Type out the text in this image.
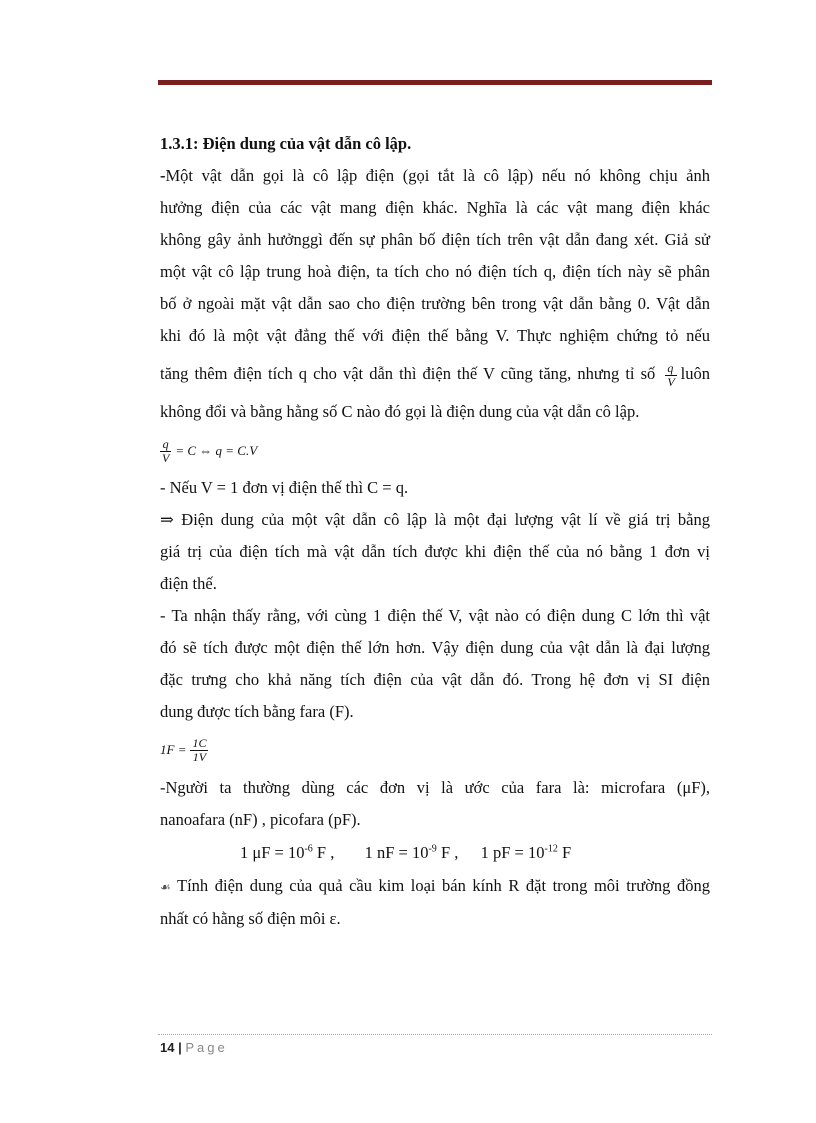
1.3.1: Điện dung của vật dẫn cô lập.

-Một vật dẫn gọi là cô lập điện (gọi tắt là cô lập) nếu nó không chịu ảnh
hưởng điện của các vật mang điện khác. Nghĩa là các vật mang điện khác
không gây ảnh hưởnggì đến sự phân bố điện tích trên vật dẫn đang xét. Giả sử
một vật cô lập trung hoà điện, ta tích cho nó điện tích q, điện tích này sẽ phân
bố ở ngoài mặt vật dẫn sao cho điện trường bên trong vật dẫn bằng 0. Vật dẫn
khi đó là một vật đẳng thế với điện thế bằng V. Thực nghiệm chứng tỏ nếu
tăng thêm điện tích q cho vật dẫn thì điện thế V cũng tăng, nhưng tỉ số $\frac{q}{V}$ luôn
không đổi và bằng hằng số C nào đó gọi là điện dung của vật dẫn cô lập.
$\frac{q}{V} = C$ ⇔ q = C.V

- Nếu V = 1 đơn vị điện thế thì C = q.

⇒ Điện dung của một vật dẫn cô lập là một đại lượng vật lí về giá trị bằng
giá trị của điện tích mà vật dẫn tích được khi điện thế của nó bằng 1 đơn vị
điện thế.
- Ta nhận thấy rằng, với cùng 1 điện thế V, vật nào có điện dung C lớn thì vật
đó sẽ tích được một điện thế lớn hơn. Vậy điện dung của vật dẫn là đại lượng
đặc trưng cho khả năng tích điện của vật dẫn đó. Trong hệ đơn vị SI điện
dung được tích bằng fara (F).
$1F = \frac{1C}{1V}$
-Người ta thường dùng các đơn vị là ước của fara là: microfara (μF),
nanoafara (nF) , picofara (pF).
1 $\mu F = 10^{-6}$ F , 1 nF = $10^{-9}$ F , 1 pF = $10^{-12}$ F
☙ Tính điện dung của quả cầu kim loại bán kính R đặt trong môi trường đồng
nhất có hằng số điện môi ε.
14 | Page
